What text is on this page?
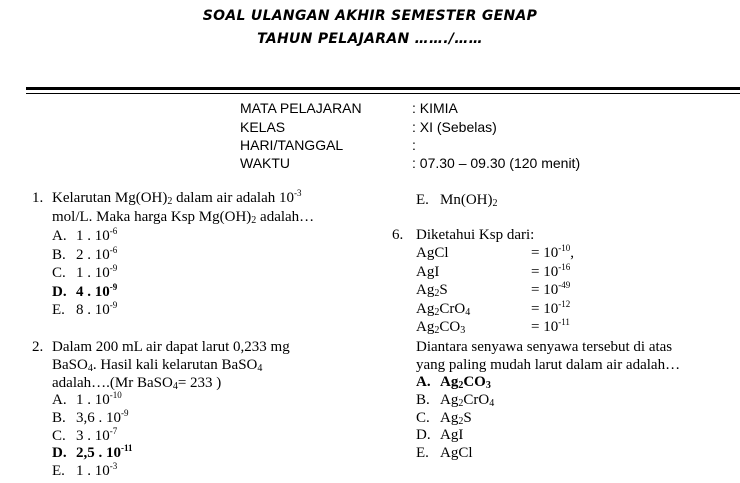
SOAL ULANGAN AKHIR SEMESTER GENAP
TAHUN PELAJARAN ……./……
MATA PELAJARAN	: KIMIA
KELAS	: XI (Sebelas)
HARI/TANGGAL	:
WAKTU	: 07.30 – 09.30 (120 menit)
1. Kelarutan $Mg(OH)_2$ dalam air adalah $10^{-3}$
mol/L. Maka harga Ksp $Mg(OH)_2$ adalah…
A. 1 . $10^{-6}$
B. 2 . $10^{-6}$
C. 1 . $10^{-9}$
D. 4 . $10^{-9}$
E. 8 . $10^{-9}$
2. Dalam 200 mL air dapat larut 0,233 mg
BaSO$_4$. Hasil kali kelarutan BaSO$_4$
adalah….(Mr BaSO$_4$= 233 )
A. 1 . $10^{-10}$
B. 3,6 . $10^{-9}$
C. 3 . $10^{-7}$
D. 2,5 . $10^{-11}$
E. 1 . $10^{-3}$
E. $Mn(OH)_2$
6. Diketahui Ksp dari:
AgCl	= $10^{-10}$,
AgI	= $10^{-16}$
$Ag_2S$	= $10^{-49}$
$Ag_2CrO_4$	= $10^{-12}$
$Ag_2CO_3$	= $10^{-11}$
Diantara senyawa senyawa tersebut di atas
yang paling mudah larut dalam air adalah…
A. $Ag_2CO_3$
B. $Ag_2CrO_4$
C. $Ag_2S$
D. AgI
E. AgCl
